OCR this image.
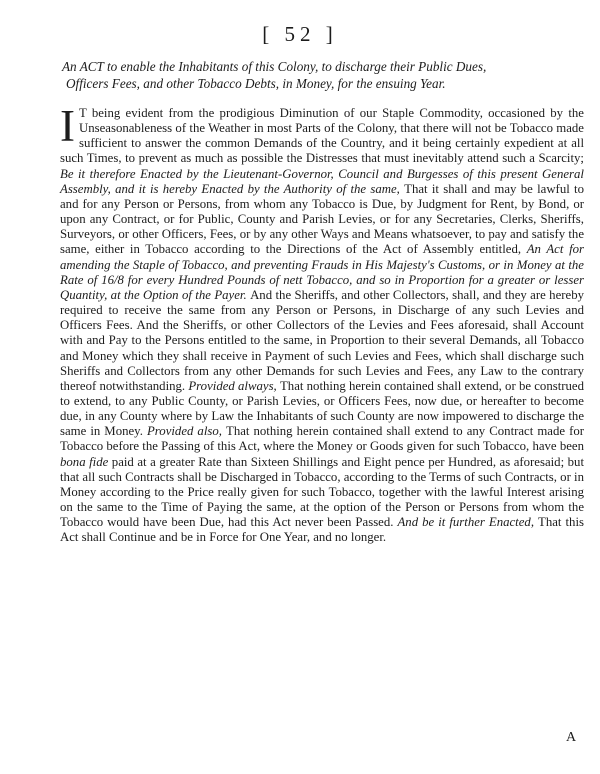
[ 52 ]
An ACT to enable the Inhabitants of this Colony, to discharge their Public Dues,
Officers Fees, and other Tobacco Debts, in Money, for the ensuing Year.
I T being evident from the prodigious Diminution of our Staple Commodity, occasioned by the Unseasonableness of the Weather in most Parts of the Colony, that there will not be Tobacco made sufficient to answer the common Demands of the Country, and it being certainly expedient at all such Times, to prevent as much as possible the Distresses that must inevitably attend such a Scarcity; Be it therefore Enacted by the Lieutenant-Governor, Council and Burgesses of this present General Assembly, and it is hereby Enacted by the Authority of the same, That it shall and may be lawful to and for any Person or Persons, from whom any Tobacco is Due, by Judgment for Rent, by Bond, or upon any Contract, or for Public, County and Parish Levies, or for any Secretaries, Clerks, Sheriffs, Surveyors, or other Officers, Fees, or by any other Ways and Means whatsoever, to pay and satisfy the same, either in Tobacco according to the Directions of the Act of Assembly entitled, An Act for amending the Staple of Tobacco, and preventing Frauds in His Majesty's Customs, or in Money at the Rate of 16/8 for every Hundred Pounds of nett Tobacco, and so in Proportion for a greater or lesser Quantity, at the Option of the Payer. And the Sheriffs, and other Collectors, shall, and they are hereby required to receive the same from any Person or Persons, in Discharge of any such Levies and Officers Fees. And the Sheriffs, or other Collectors of the Levies and Fees aforesaid, shall Account with and Pay to the Persons entitled to the same, in Proportion to their several Demands, all Tobacco and Money which they shall receive in Payment of such Levies and Fees, which shall discharge such Sheriffs and Collectors from any other Demands for such Levies and Fees, any Law to the contrary thereof notwithstanding. Provided always, That nothing herein contained shall extend, or be construed to extend, to any Public County, or Parish Levies, or Officers Fees, now due, or hereafter to become due, in any County where by Law the Inhabitants of such County are now impowered to discharge the same in Money. Provided also, That nothing herein contained shall extend to any Contract made for Tobacco before the Passing of this Act, where the Money or Goods given for such Tobacco, have been bona fide paid at a greater Rate than Sixteen Shillings and Eight pence per Hundred, as aforesaid; but that all such Contracts shall be Discharged in Tobacco, according to the Terms of such Contracts, or in Money according to the Price really given for such Tobacco, together with the lawful Interest arising on the same to the Time of Paying the same, at the option of the Person or Persons from whom the Tobacco would have been Due, had this Act never been Passed. And be it further Enacted, That this Act shall Continue and be in Force for One Year, and no longer.
A
